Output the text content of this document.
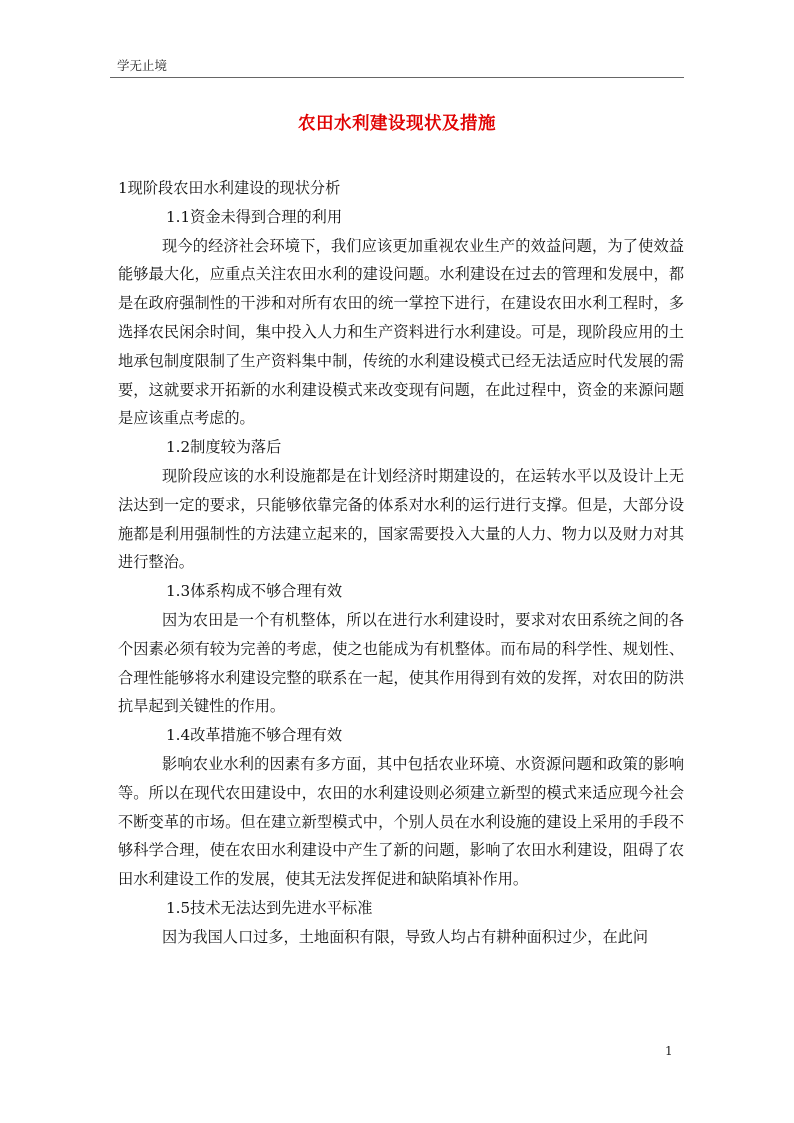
学无止境
农田水利建设现状及措施

1现阶段农田水利建设的现状分析

1.1资金未得到合理的利用

现今的经济社会环境下，我们应该更加重视农业生产的效益问题，为了使效益能够最大化，应重点关注农田水利的建设问题。水利建设在过去的管理和发展中，都是在政府强制性的干涉和对所有农田的统一掌控下进行，在建设农田水利工程时，多选择农民闲余时间，集中投入人力和生产资料进行水利建设。可是，现阶段应用的土地承包制度限制了生产资料集中制，传统的水利建设模式已经无法适应时代发展的需要，这就要求开拓新的水利建设模式来改变现有问题，在此过程中，资金的来源问题是应该重点考虑的。

1.2制度较为落后

现阶段应该的水利设施都是在计划经济时期建设的，在运转水平以及设计上无法达到一定的要求，只能够依靠完备的体系对水利的运行进行支撑。但是，大部分设施都是利用强制性的方法建立起来的，国家需要投入大量的人力、物力以及财力对其进行整治。

1.3体系构成不够合理有效

因为农田是一个有机整体，所以在进行水利建设时，要求对农田系统之间的各个因素必须有较为完善的考虑，使之也能成为有机整体。而布局的科学性、规划性、合理性能够将水利建设完整的联系在一起，使其作用得到有效的发挥，对农田的防洪抗旱起到关键性的作用。

1.4改革措施不够合理有效

影响农业水利的因素有多方面，其中包括农业环境、水资源问题和政策的影响等。所以在现代农田建设中，农田的水利建设则必须建立新型的模式来适应现今社会不断变革的市场。但在建立新型模式中，个别人员在水利设施的建设上采用的手段不够科学合理，使在农田水利建设中产生了新的问题，影响了农田水利建设，阻碍了农田水利建设工作的发展，使其无法发挥促进和缺陷填补作用。

1.5技术无法达到先进水平标准

因为我国人口过多，土地面积有限，导致人均占有耕种面积过少，在此问

1
